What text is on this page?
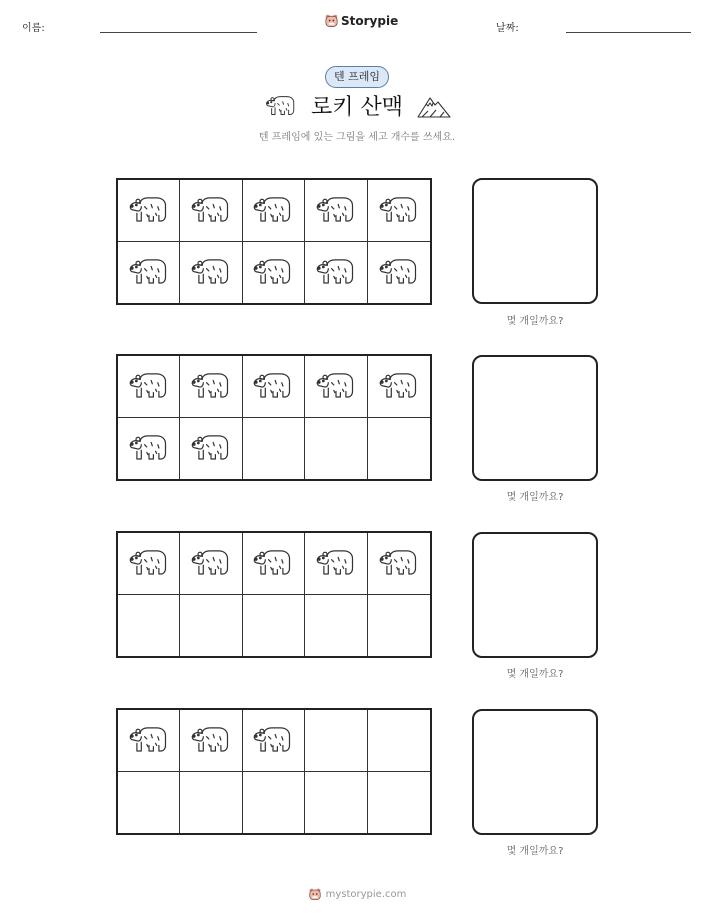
이름:
Storypie
날짜:
텐 프레임
로키 산맥
텐 프레임에 있는 그림을 세고 개수를 쓰세요.
몇 개일까요?
몇 개일까요?
몇 개일까요?
몇 개일까요?
mystorypie.com
